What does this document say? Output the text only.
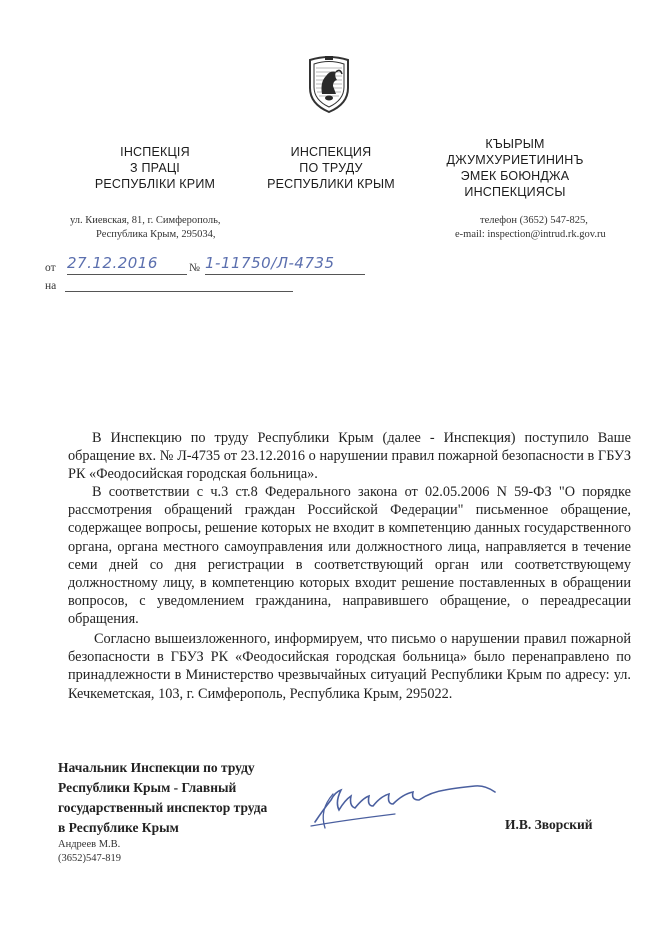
ІНСПЕКЦІЯ
З ПРАЦІ
РЕСПУБЛІКИ КРИМ
ИНСПЕКЦИЯ
ПО ТРУДУ
РЕСПУБЛИКИ КРЫМ
КЪЫРЫМ
ДЖУМХУРИЕТИНИНЪ
ЭМЕК БОЮНДЖА
ИНСПЕКЦИЯСЫ
ул. Киевская, 81, г. Симферополь,
Республика Крым, 295034,
телефон (3652) 547-825,
e-mail: inspection@intrud.rk.gov.ru
от 27.12.2016	№ 1-11750/Л-4735
на
В Инспекцию по труду Республики Крым (далее - Инспекция) поступило Ваше обращение вх. № Л-4735 от 23.12.2016 о нарушении правил пожарной безопасности в ГБУЗ РК «Феодосийская городская больница».
В соответствии с ч.3 ст.8 Федерального закона от 02.05.2006 N 59-ФЗ "О порядке рассмотрения обращений граждан Российской Федерации" письменное обращение, содержащее вопросы, решение которых не входит в компетенцию данных государственного органа, органа местного самоуправления или должностного лица, направляется в течение семи дней со дня регистрации в соответствующий орган или соответствующему должностному лицу, в компетенцию которых входит решение поставленных в обращении вопросов, с уведомлением гражданина, направившего обращение, о переадресации обращения.
Согласно вышеизложенного, информируем, что письмо о нарушении правил пожарной безопасности в ГБУЗ РК «Феодосийская городская больница» было перенаправлено по принадлежности в Министерство чрезвычайных ситуаций Республики Крым по адресу: ул. Кечкеметская, 103, г. Симферополь, Республика Крым, 295022.
Начальник Инспекции по труду
Республики Крым - Главный
государственный инспектор труда
в Республике Крым	И.В. Зворский
Андреев М.В.
(3652)547-819
